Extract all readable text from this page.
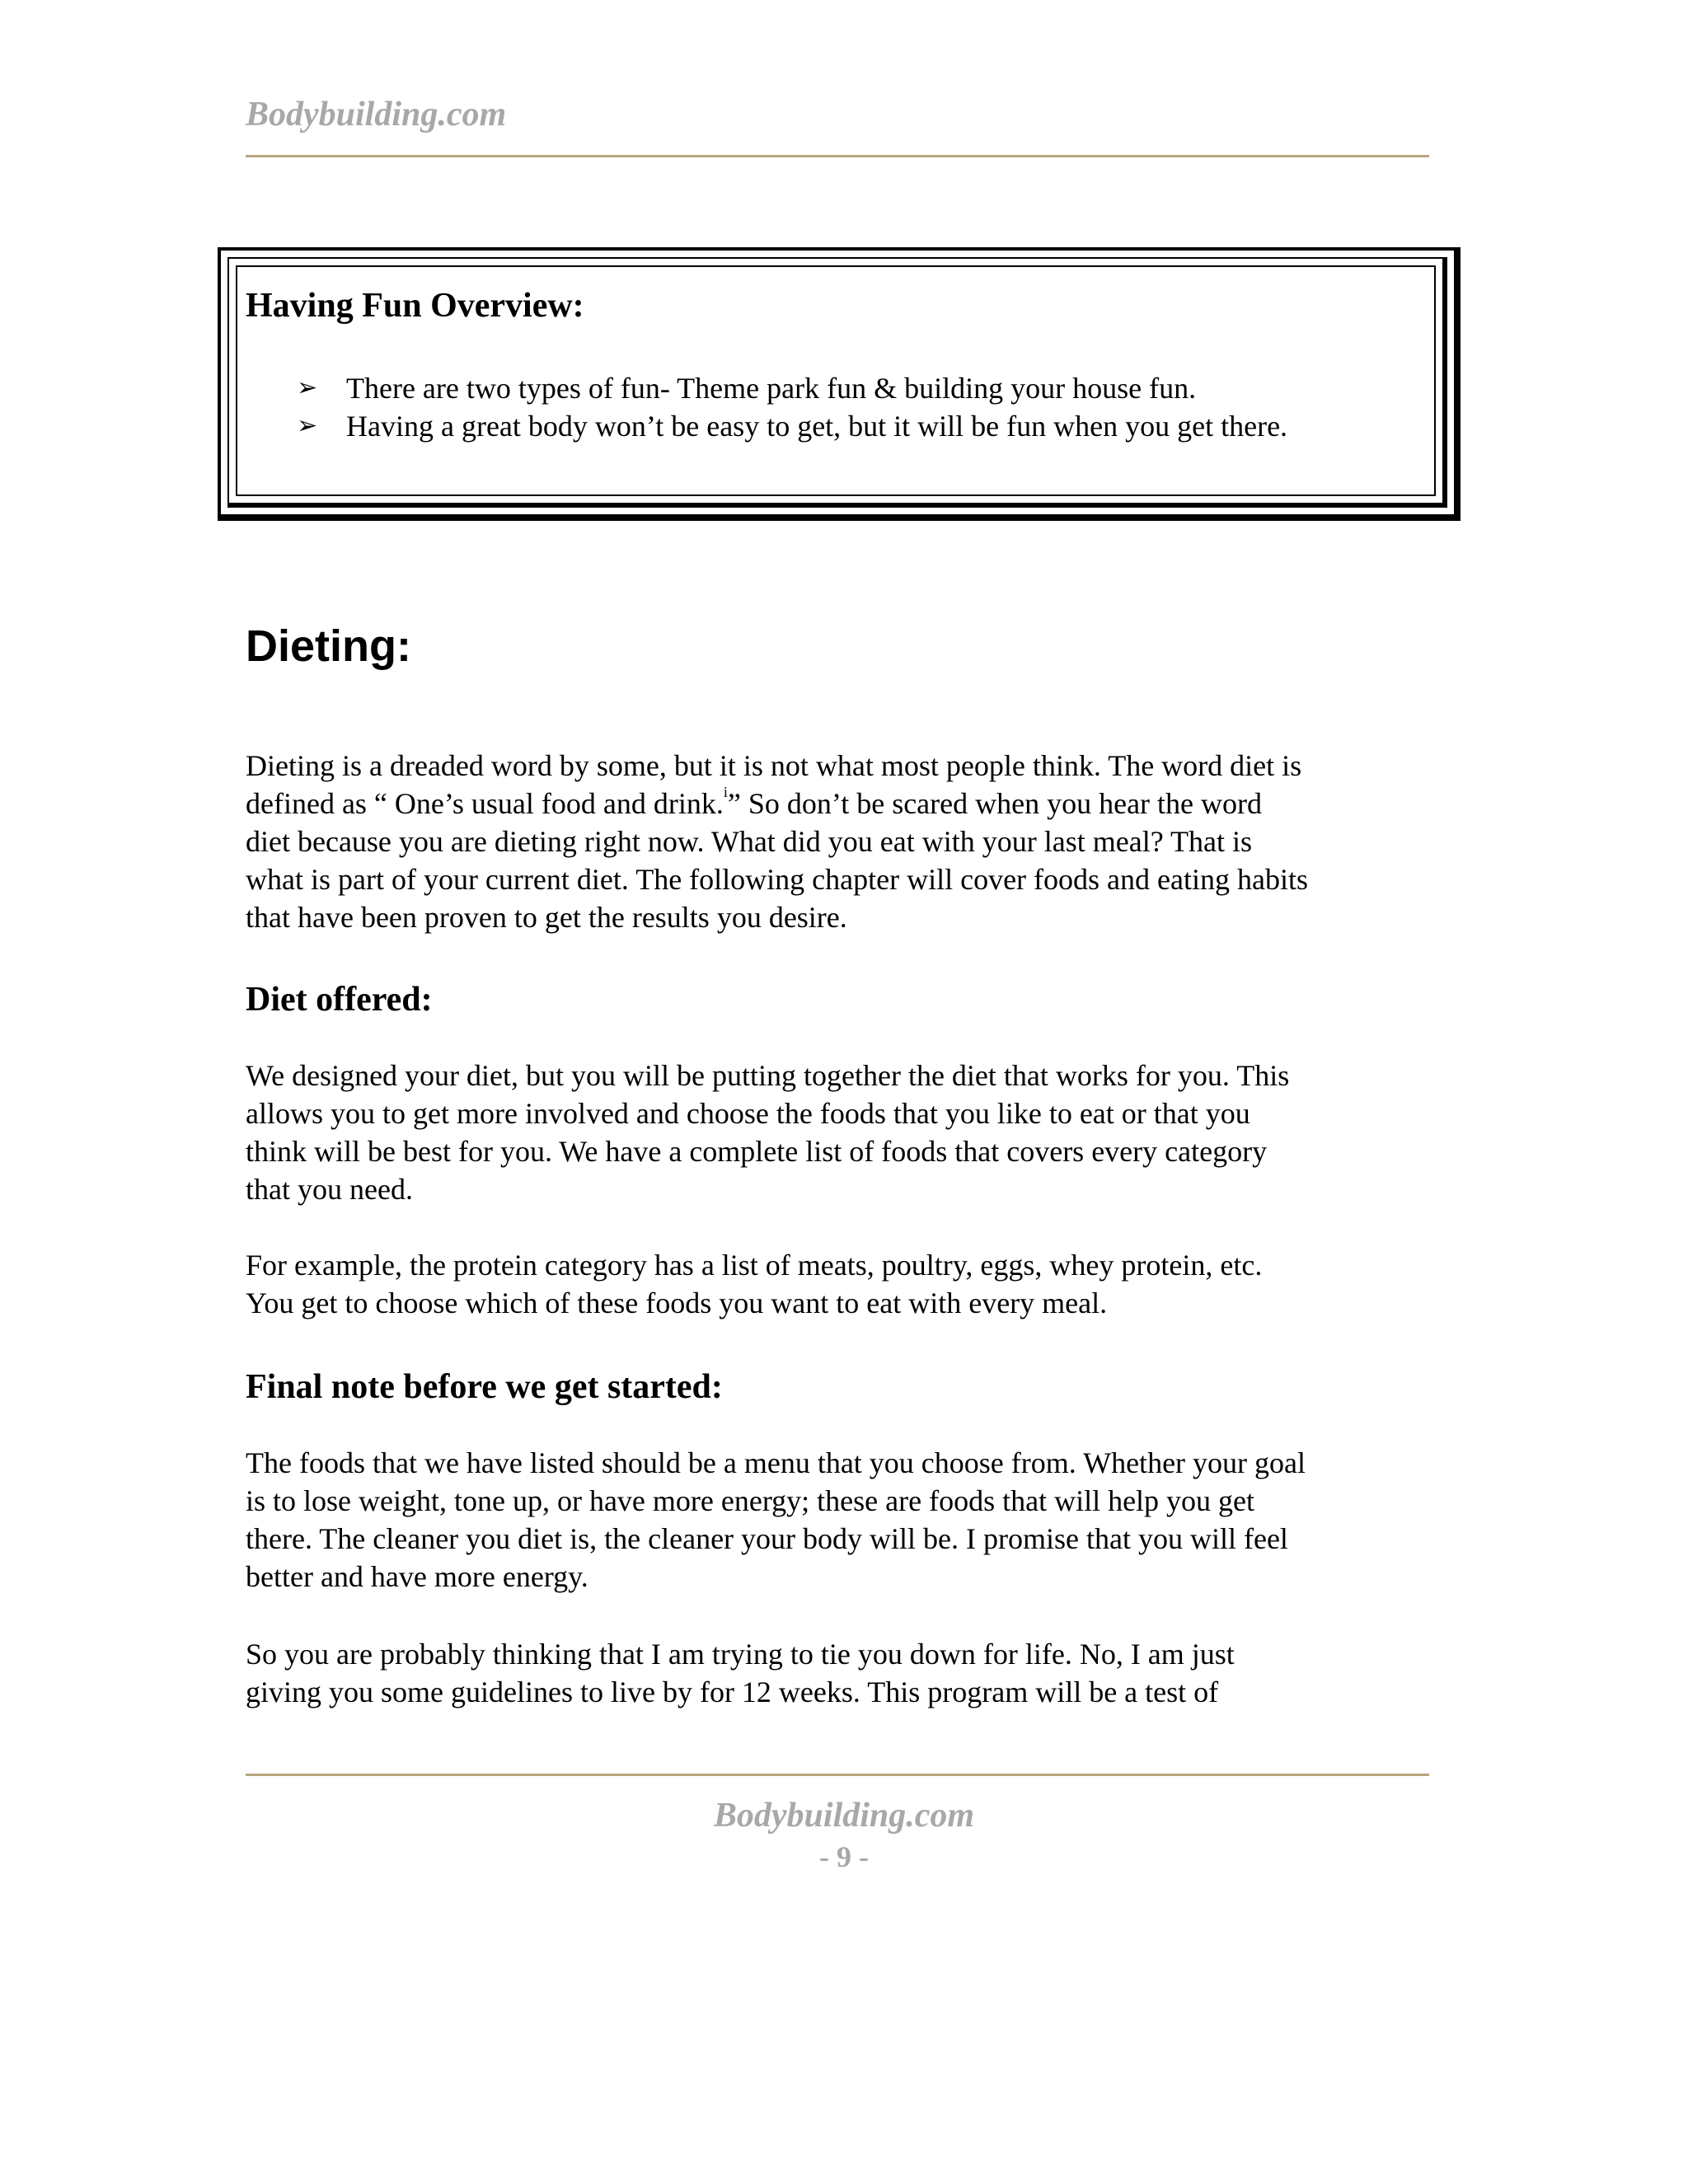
Bodybuilding.com

Having Fun Overview:
➢ There are two types of fun- Theme park fun & building your house fun.
➢ Having a great body won’t be easy to get, but it will be fun when you get there.
Dieting:

Dieting is a dreaded word by some, but it is not what most people think. The word diet is
defined as “ One’s usual food and drink.$^i$” So don’t be scared when you hear the word
diet because you are dieting right now. What did you eat with your last meal? That is
what is part of your current diet. The following chapter will cover foods and eating habits
that have been proven to get the results you desire.

Diet offered:

We designed your diet, but you will be putting together the diet that works for you. This
allows you to get more involved and choose the foods that you like to eat or that you
think will be best for you. We have a complete list of foods that covers every category
that you need.

For example, the protein category has a list of meats, poultry, eggs, whey protein, etc.
You get to choose which of these foods you want to eat with every meal.

Final note before we get started:

The foods that we have listed should be a menu that you choose from. Whether your goal
is to lose weight, tone up, or have more energy; these are foods that will help you get
there. The cleaner you diet is, the cleaner your body will be. I promise that you will feel
better and have more energy.

So you are probably thinking that I am trying to tie you down for life. No, I am just
giving you some guidelines to live by for 12 weeks. This program will be a test of

Bodybuilding.com

- 9 -
